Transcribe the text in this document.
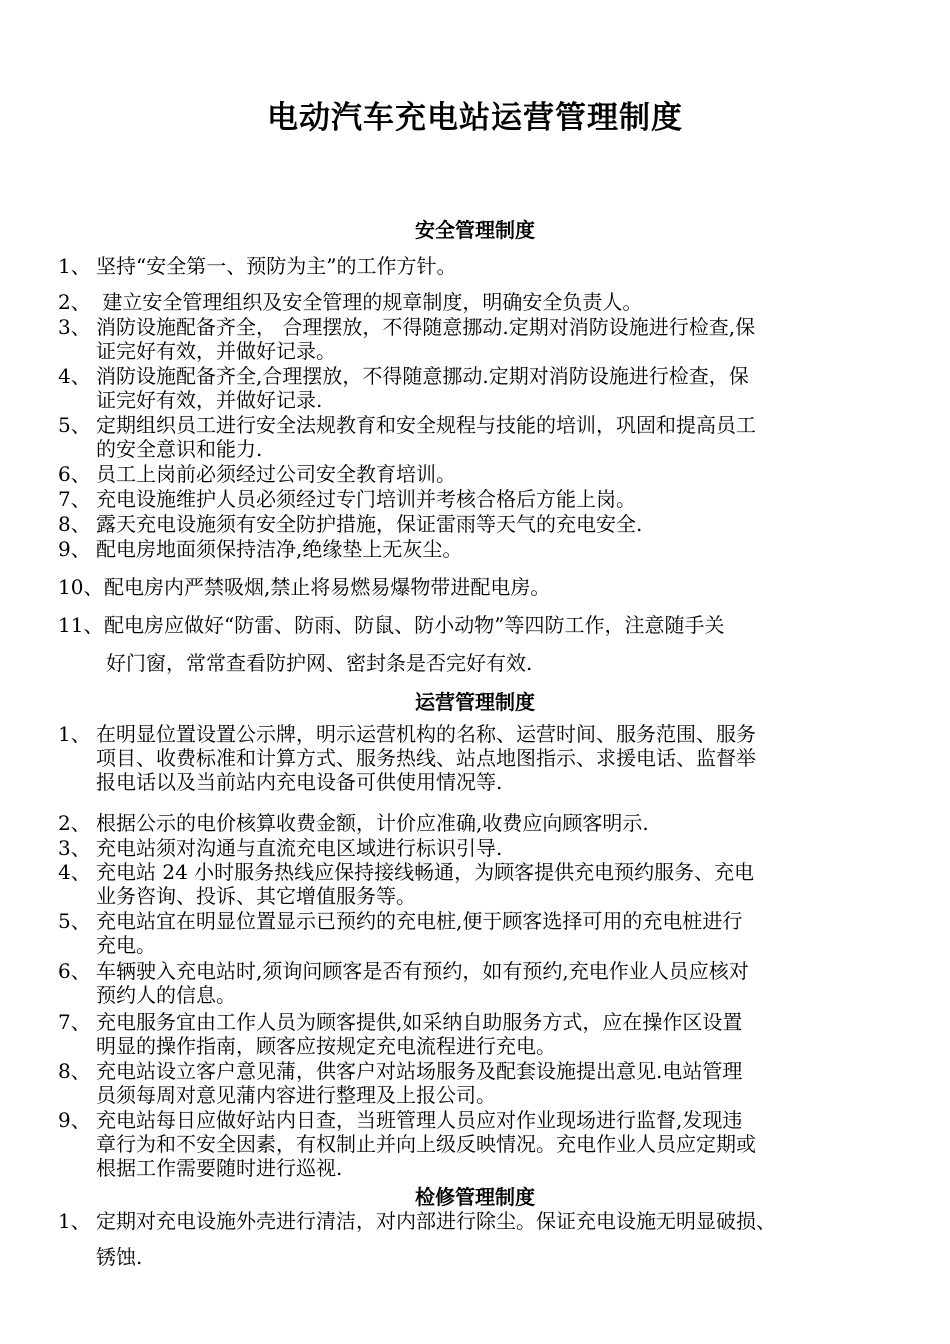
电动汽车充电站运营管理制度
安全管理制度
1、 坚持“安全第一、预防为主”的工作方针。
2、 建立安全管理组织及安全管理的规章制度，明确安全负责人。
3、 消防设施配备齐全， 合理摆放，不得随意挪动.定期对消防设施进行检查,保
证完好有效，并做好记录。
4、 消防设施配备齐全,合理摆放，不得随意挪动.定期对消防设施进行检查，保
证完好有效，并做好记录.
5、 定期组织员工进行安全法规教育和安全规程与技能的培训，巩固和提高员工
的安全意识和能力.
6、 员工上岗前必须经过公司安全教育培训。
7、 充电设施维护人员必须经过专门培训并考核合格后方能上岗。
8、 露天充电设施须有安全防护措施，保证雷雨等天气的充电安全.
9、 配电房地面须保持洁净,绝缘垫上无灰尘。
10、配电房内严禁吸烟,禁止将易燃易爆物带进配电房。
11、配电房应做好“防雷、防雨、防鼠、防小动物”等四防工作，注意随手关
好门窗，常常查看防护网、密封条是否完好有效.
运营管理制度
1、 在明显位置设置公示牌，明示运营机构的名称、运营时间、服务范围、服务
项目、收费标准和计算方式、服务热线、站点地图指示、求援电话、监督举
报电话以及当前站内充电设备可供使用情况等.
2、 根据公示的电价核算收费金额，计价应准确,收费应向顾客明示.
3、 充电站须对沟通与直流充电区域进行标识引导.
4、 充电站 24 小时服务热线应保持接线畅通，为顾客提供充电预约服务、充电
业务咨询、投诉、其它增值服务等。
5、 充电站宜在明显位置显示已预约的充电桩,便于顾客选择可用的充电桩进行
充电。
6、 车辆驶入充电站时,须询问顾客是否有预约，如有预约,充电作业人员应核对
预约人的信息。
7、 充电服务宜由工作人员为顾客提供,如采纳自助服务方式，应在操作区设置
明显的操作指南，顾客应按规定充电流程进行充电。
8、 充电站设立客户意见蒲，供客户对站场服务及配套设施提出意见.电站管理
员须每周对意见蒲内容进行整理及上报公司。
9、 充电站每日应做好站内日查，当班管理人员应对作业现场进行监督,发现违
章行为和不安全因素，有权制止并向上级反映情况。充电作业人员应定期或
根据工作需要随时进行巡视.
检修管理制度
1、 定期对充电设施外壳进行清洁，对内部进行除尘。保证充电设施无明显破损、
锈蚀.
